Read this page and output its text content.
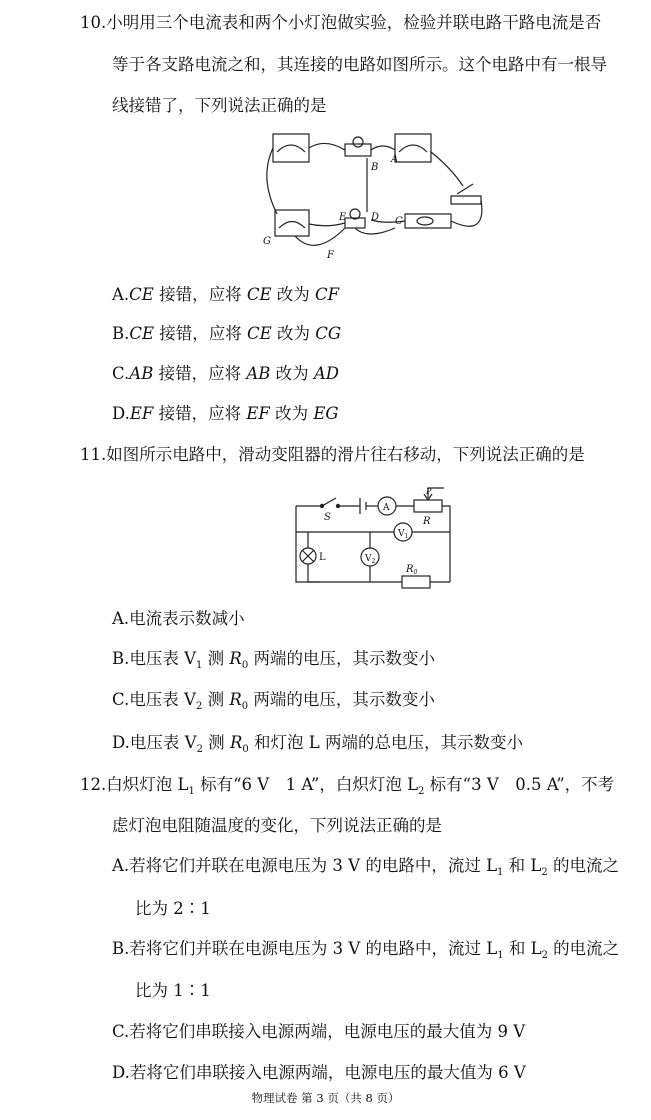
10.小明用三个电流表和两个小灯泡做实验，检验并联电路干路电流是否
等于各支路电流之和，其连接的电路如图所示。这个电路中有一根导
线接错了，下列说法正确的是
A
B
C
D
E
F
G
A.CE 接错，应将 CE 改为 CF
B.CE 接错，应将 CE 改为 CG
C.AB 接错，应将 AB 改为 AD
D.EF 接错，应将 EF 改为 EG
11.如图所示电路中，滑动变阻器的滑片往右移动，下列说法正确的是
S
A
P
R
$V_1$
$V_2$
L
$R_0$
A.电流表示数减小
B.电压表 $V_1$ 测 $R_0$ 两端的电压，其示数变小
C.电压表 $V_2$ 测 $R_0$ 两端的电压，其示数变小
D.电压表 $V_2$ 测 $R_0$ 和灯泡 L 两端的总电压，其示数变小
12.白炽灯泡 $L_1$ 标有“6 V　1 A”，白炽灯泡 $L_2$ 标有“3 V　0.5 A”，不考
虑灯泡电阻随温度的变化，下列说法正确的是
A.若将它们并联在电源电压为 3 V 的电路中，流过 $L_1$ 和 $L_2$ 的电流之
比为 2∶1
B.若将它们并联在电源电压为 3 V 的电路中，流过 $L_1$ 和 $L_2$ 的电流之
比为 1∶1
C.若将它们串联接入电源两端，电源电压的最大值为 9 V
D.若将它们串联接入电源两端，电源电压的最大值为 6 V
物理试卷 第 3 页（共 8 页）
